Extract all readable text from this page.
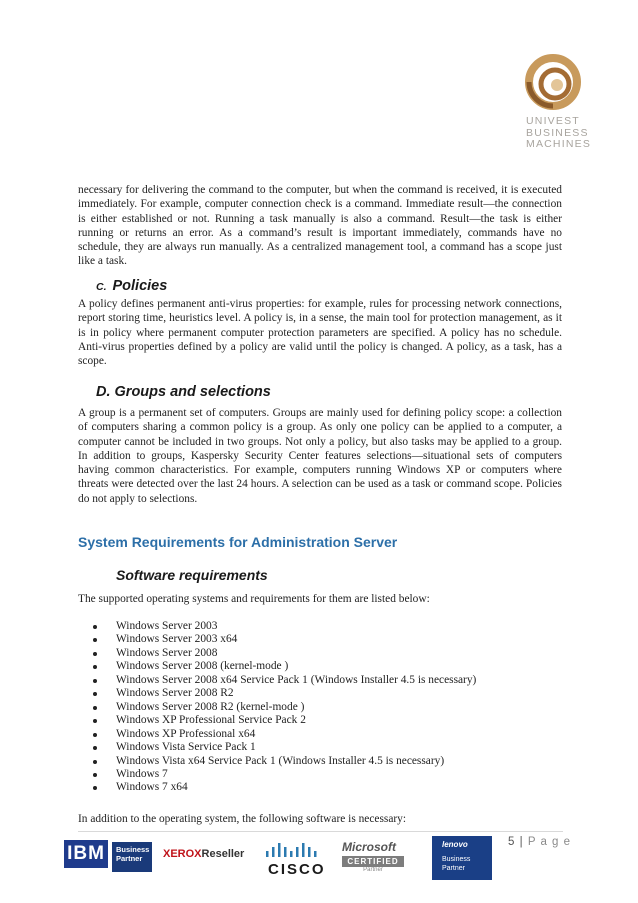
UNIVEST
BUSINESS
MACHINES

necessary for delivering the command to the computer, but when the command is received, it is executed immediately. For example, computer connection check is a command. Immediate result—the connection is either established or not. Running a task manually is also a command. Result—the task is either running or returns an error. As a command’s result is important immediately, commands have no schedule, they are always run manually. As a centralized management tool, a command has a scope just like a task.

C. Policies

A policy defines permanent anti-virus properties: for example, rules for processing network connections, report storing time, heuristics level. A policy is, in a sense, the main tool for protection management, as it is in policy where permanent computer protection parameters are specified. A policy has no schedule. Anti-virus properties defined by a policy are valid until the policy is changed. A policy, as a task, has a scope.

D. Groups and selections

A group is a permanent set of computers. Groups are mainly used for defining policy scope: a collection of computers sharing a common policy is a group. As only one policy can be applied to a computer, a computer cannot be included in two groups. Not only a policy, but also tasks may be applied to a group. In addition to groups, Kaspersky Security Center features selections—situational sets of computers having common characteristics. For example, computers running Windows XP or computers where threats were detected over the last 24 hours. A selection can be used as a task or command scope. Policies do not apply to selections.

System Requirements for Administration Server
Software requirements

The supported operating systems and requirements for them are listed below:

Windows Server 2003
Windows Server 2003 x64
Windows Server 2008
Windows Server 2008 (kernel-mode )
Windows Server 2008 x64 Service Pack 1 (Windows Installer 4.5 is necessary)
Windows Server 2008 R2
Windows Server 2008 R2 (kernel-mode )
Windows XP Professional Service Pack 2
Windows XP Professional x64
Windows Vista Service Pack 1
Windows Vista x64 Service Pack 1 (Windows Installer 4.5 is necessary)
Windows 7
Windows 7 x64

In addition to the operating system, the following software is necessary:

5 | P a g e
IBM	Business
Partner	XEROXReseller
CISCO
Microsoft
CERTIFIED
Partner
lenovo
Business
Partner
